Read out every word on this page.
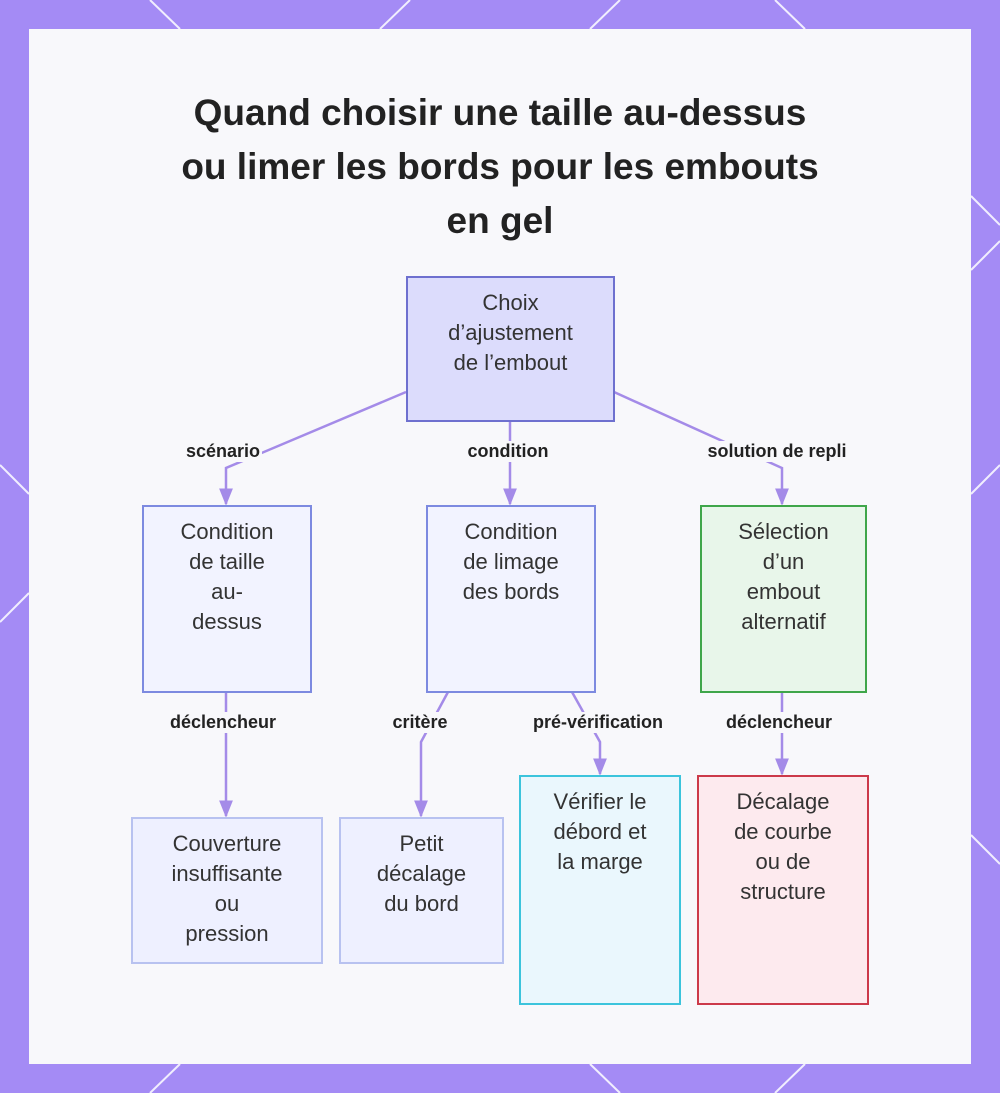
Quand choisir une taille au-dessus
ou limer les bords pour les embouts
en gel
Choix
d’ajustement
de l’embout
Condition
de taille
au-
dessus
Condition
de limage
des bords
Sélection
d’un
embout
alternatif
Couverture
insuffisante
ou
pression
Petit
décalage
du bord
Vérifier le
débord et
la marge
Décalage
de courbe
ou de
structure
scénario	condition	solution de repli
déclencheur	critère	pré-vérification	déclencheur
